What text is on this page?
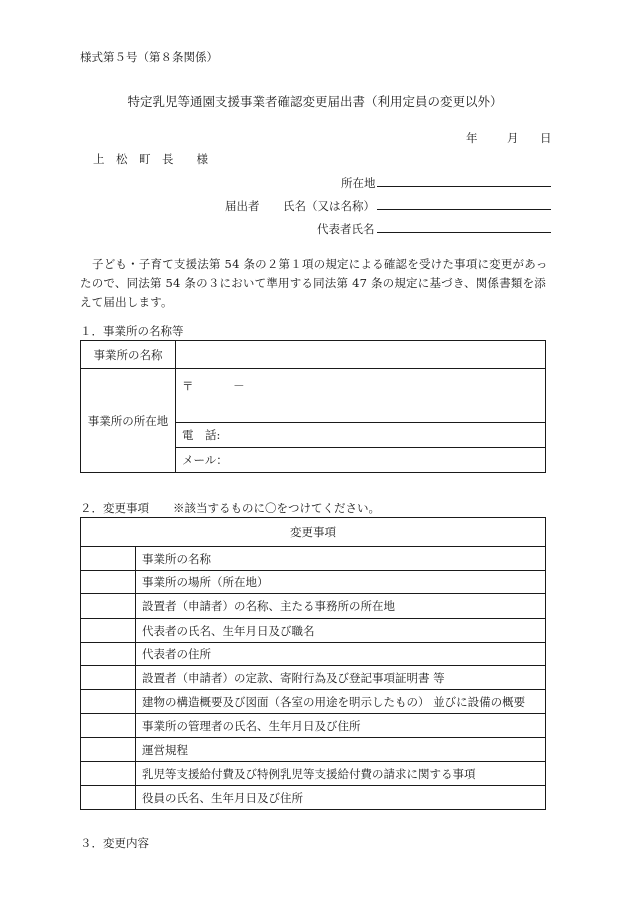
様式第５号（第８条関係）
特定乳児等通園支援事業者確認変更届出書（利用定員の変更以外）
年	月 日
上　松　町　長　　様
所在地
届出者 氏名（又は名称）
代表者氏名
子ども・子育て支援法第 54 条の２第１項の規定による確認を受けた事項に変更があったので、同法第 54 条の３において準用する同法第 47 条の規定に基づき、関係書類を添えて届出します。
１．事業所の名称等
事業所の名称	
事業所の所在地	〒 －
	電　話:
	メール：
２．変更事項 ※該当するものに〇をつけてください。
変更事項	
	事業所の名称
	事業所の場所（所在地）
	設置者（申請者）の名称、主たる事務所の所在地
	代表者の氏名、生年月日及び職名
	代表者の住所
	設置者（申請者）の定款、寄附行為及び登記事項証明書 等
	建物の構造概要及び図面（各室の用途を明示したもの） 並びに設備の概要
	事業所の管理者の氏名、生年月日及び住所
	運営規程
	乳児等支援給付費及び特例乳児等支援給付費の請求に関する事項
	役員の氏名、生年月日及び住所
３．変更内容
